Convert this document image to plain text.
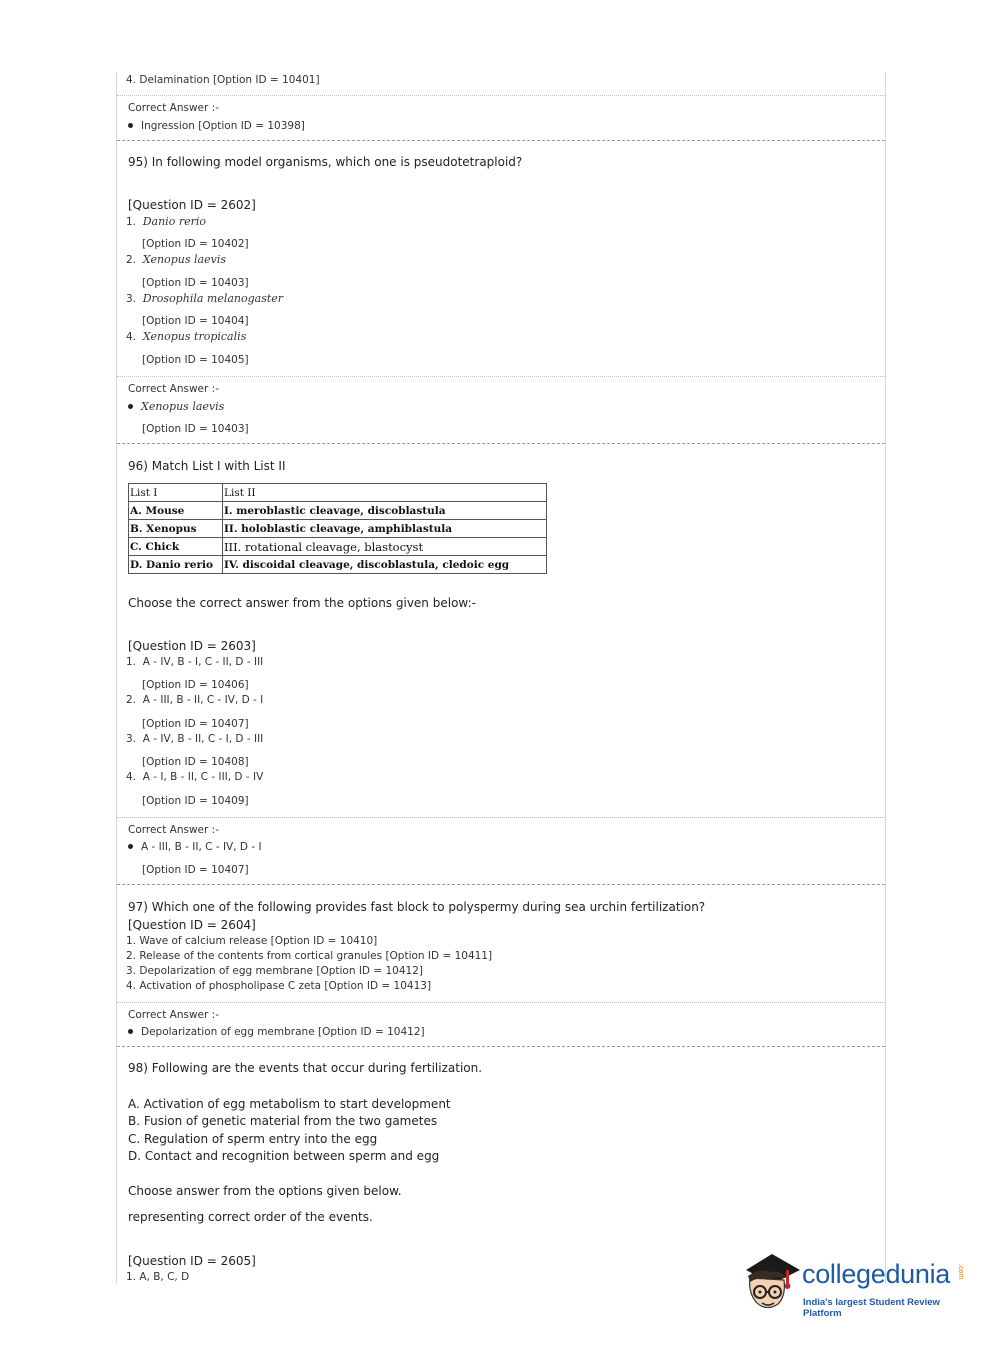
4. Delamination [Option ID = 10401]
Correct Answer :-
Ingression [Option ID = 10398]
95) In following model organisms, which one is pseudotetraploid?
[Question ID = 2602]
1. Danio rerio
[Option ID = 10402]
2. Xenopus laevis
[Option ID = 10403]
3. Drosophila melanogaster
[Option ID = 10404]
4. Xenopus tropicalis
[Option ID = 10405]
Correct Answer :-
Xenopus laevis
[Option ID = 10403]
96) Match List I with List II
List I	List II
A. Mouse	I. meroblastic cleavage, discoblastula
B. Xenopus	II. holoblastic cleavage, amphiblastula
C. Chick	III. rotational cleavage, blastocyst
D. Danio rerio	IV. discoidal cleavage, discoblastula, cledoic egg
Choose the correct answer from the options given below:-
[Question ID = 2603]
1. A - IV, B - I, C - II, D - III
[Option ID = 10406]
2. A - III, B - II, C - IV, D - I
[Option ID = 10407]
3. A - IV, B - II, C - I, D - III
[Option ID = 10408]
4. A - I, B - II, C - III, D - IV
[Option ID = 10409]
Correct Answer :-
A - III, B - II, C - IV, D - I
[Option ID = 10407]
97) Which one of the following provides fast block to polyspermy during sea urchin fertilization?
[Question ID = 2604]
1. Wave of calcium release [Option ID = 10410]
2. Release of the contents from cortical granules [Option ID = 10411]
3. Depolarization of egg membrane [Option ID = 10412]
4. Activation of phospholipase C zeta [Option ID = 10413]
Correct Answer :-
Depolarization of egg membrane [Option ID = 10412]
98) Following are the events that occur during fertilization.
A. Activation of egg metabolism to start development
B. Fusion of genetic material from the two gametes
C. Regulation of sperm entry into the egg
D. Contact and recognition between sperm and egg
Choose answer from the options given below.
representing correct order of the events.
[Question ID = 2605]
1. A, B, C, D	collegedunia .com
India's largest Student Review Platform
